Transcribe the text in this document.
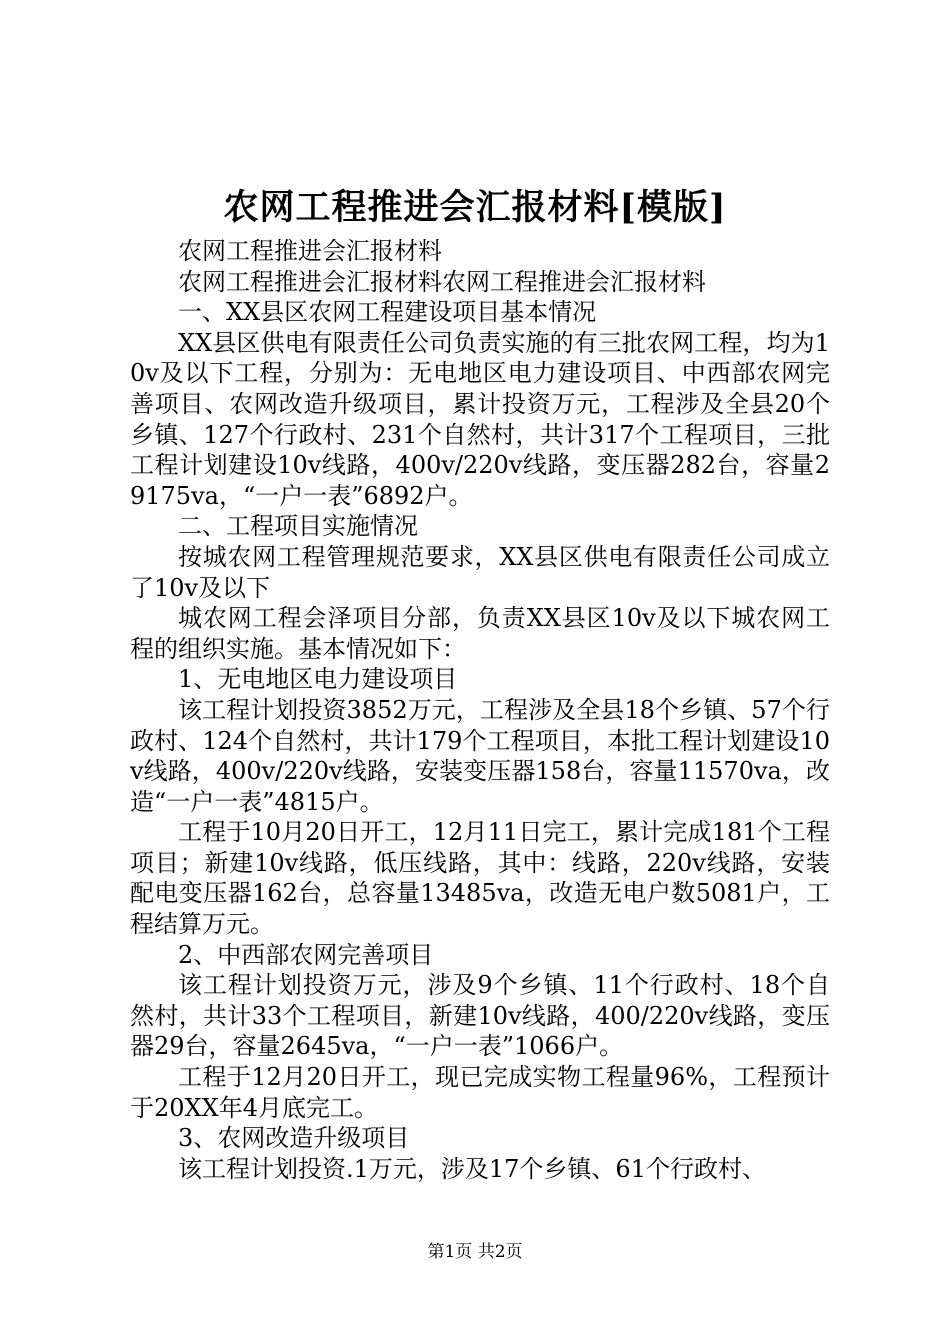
农网工程推进会汇报材料[模版]

农网工程推进会汇报材料

农网工程推进会汇报材料农网工程推进会汇报材料

一、XX县区农网工程建设项目基本情况

XX县区供电有限责任公司负责实施的有三批农网工程，均为10v及以下工程，分别为：无电地区电力建设项目、中西部农网完善项目、农网改造升级项目，累计投资万元，工程涉及全县20个乡镇、127个行政村、231个自然村，共计317个工程项目，三批工程计划建设10v线路，400v/220v线路，变压器282台，容量29175va，“一户一表”6892户。

二、工程项目实施情况

按城农网工程管理规范要求，XX县区供电有限责任公司成立了10v及以下

城农网工程会泽项目分部，负责XX县区10v及以下城农网工程的组织实施。基本情况如下：

1、无电地区电力建设项目

该工程计划投资3852万元，工程涉及全县18个乡镇、57个行政村、124个自然村，共计179个工程项目，本批工程计划建设10v线路，400v/220v线路，安装变压器158台，容量11570va，改造“一户一表”4815户。

工程于10月20日开工，12月11日完工，累计完成181个工程项目；新建10v线路，低压线路，其中：线路，220v线路，安装配电变压器162台，总容量13485va，改造无电户数5081户，工程结算万元。

2、中西部农网完善项目

该工程计划投资万元，涉及9个乡镇、11个行政村、18个自然村，共计33个工程项目，新建10v线路，400/220v线路，变压器29台，容量2645va，“一户一表”1066户。

工程于12月20日开工，现已完成实物工程量96%，工程预计于20XX年4月底完工。

3、农网改造升级项目

该工程计划投资.1万元，涉及17个乡镇、61个行政村、

第1页 共2页
